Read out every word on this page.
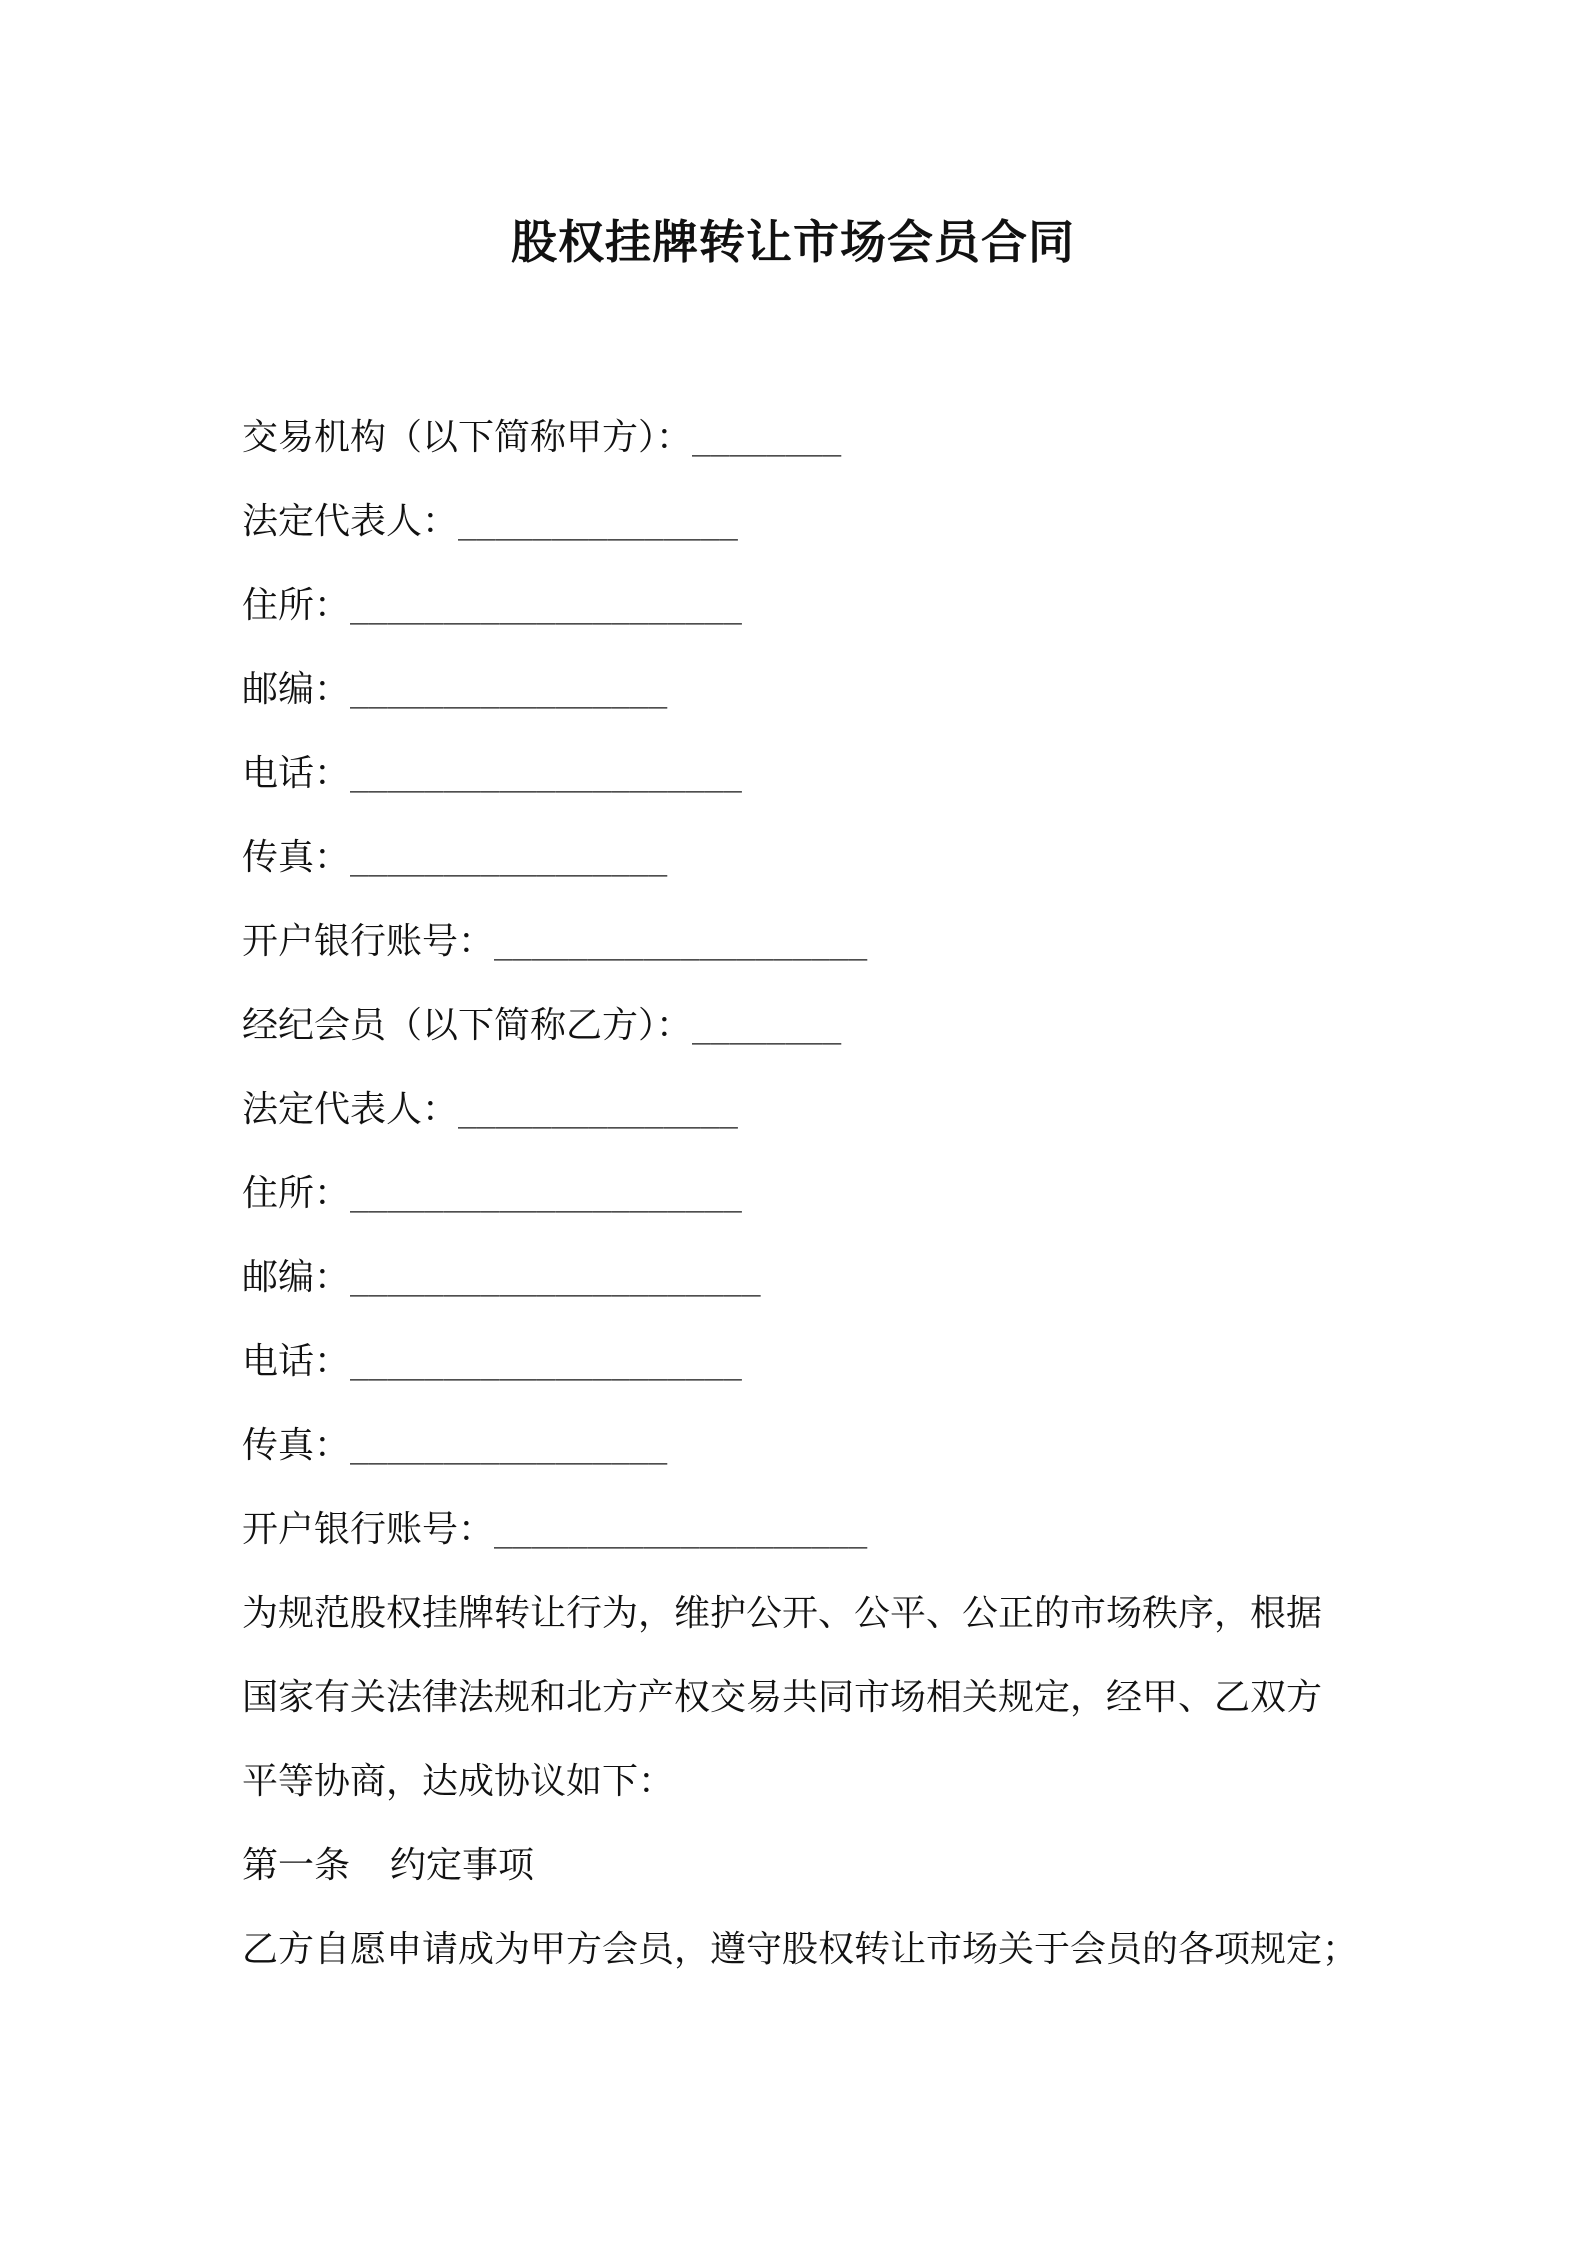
股权挂牌转让市场会员合同
交易机构（以下简称甲方）：________
法定代表人：_______________
住所：_____________________
邮编：_________________
电话：_____________________
传真：_________________
开户银行账号：____________________
经纪会员（以下简称乙方）：________
法定代表人：_______________
住所：_____________________
邮编：______________________
电话：_____________________
传真：_________________
开户银行账号：____________________
为规范股权挂牌转让行为，维护公开、公平、公正的市场秩序，根据
国家有关法律法规和北方产权交易共同市场相关规定，经甲、乙双方
平等协商，达成协议如下：
第一条 约定事项
乙方自愿申请成为甲方会员，遵守股权转让市场关于会员的各项规定；
